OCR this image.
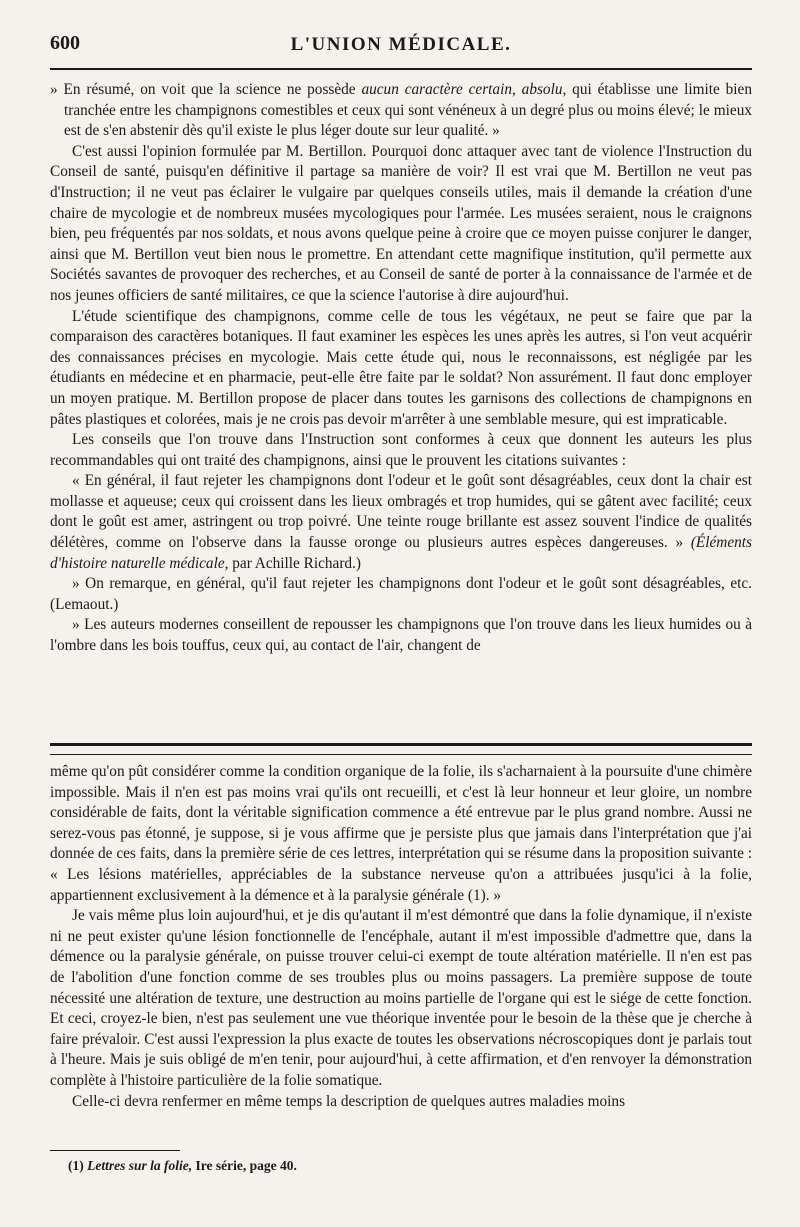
600	L'UNION MÉDICALE.

» En résumé, on voit que la science ne possède aucun caractère certain, absolu, qui établisse une limite bien tranchée entre les champignons comestibles et ceux qui sont vénéneux à un degré plus ou moins élevé; le mieux est de s'en abstenir dès qu'il existe le plus léger doute sur leur qualité. »

C'est aussi l'opinion formulée par M. Bertillon. Pourquoi donc attaquer avec tant de violence l'Instruction du Conseil de santé, puisqu'en définitive il partage sa manière de voir? Il est vrai que M. Bertillon ne veut pas d'Instruction; il ne veut pas éclairer le vulgaire par quelques conseils utiles, mais il demande la création d'une chaire de mycologie et de nombreux musées mycologiques pour l'armée. Les musées seraient, nous le craignons bien, peu fréquentés par nos soldats, et nous avons quelque peine à croire que ce moyen puisse conjurer le danger, ainsi que M. Bertillon veut bien nous le promettre. En attendant cette magnifique institution, qu'il permette aux Sociétés savantes de provoquer des recherches, et au Conseil de santé de porter à la connaissance de l'armée et de nos jeunes officiers de santé militaires, ce que la science l'autorise à dire aujourd'hui.

L'étude scientifique des champignons, comme celle de tous les végétaux, ne peut se faire que par la comparaison des caractères botaniques. Il faut examiner les espèces les unes après les autres, si l'on veut acquérir des connaissances précises en mycologie. Mais cette étude qui, nous le reconnaissons, est négligée par les étudiants en médecine et en pharmacie, peut-elle être faite par le soldat? Non assurément. Il faut donc employer un moyen pratique. M. Bertillon propose de placer dans toutes les garnisons des collections de champignons en pâtes plastiques et colorées, mais je ne crois pas devoir m'arrêter à une semblable mesure, qui est impraticable.

Les conseils que l'on trouve dans l'Instruction sont conformes à ceux que donnent les auteurs les plus recommandables qui ont traité des champignons, ainsi que le prouvent les citations suivantes :

« En général, il faut rejeter les champignons dont l'odeur et le goût sont désagréables, ceux dont la chair est mollasse et aqueuse; ceux qui croissent dans les lieux ombragés et trop humides, qui se gâtent avec facilité; ceux dont le goût est amer, astringent ou trop poivré. Une teinte rouge brillante est assez souvent l'indice de qualités délétères, comme on l'observe dans la fausse oronge ou plusieurs autres espèces dangereuses. » (Éléments d'histoire naturelle médicale, par Achille Richard.)

» On remarque, en général, qu'il faut rejeter les champignons dont l'odeur et le goût sont désagréables, etc. (Lemaout.)

» Les auteurs modernes conseillent de repousser les champignons que l'on trouve dans les lieux humides ou à l'ombre dans les bois touffus, ceux qui, au contact de l'air, changent de

même qu'on pût considérer comme la condition organique de la folie, ils s'acharnaient à la poursuite d'une chimère impossible. Mais il n'en est pas moins vrai qu'ils ont recueilli, et c'est là leur honneur et leur gloire, un nombre considérable de faits, dont la véritable signification commence a été entrevue par le plus grand nombre. Aussi ne serez-vous pas étonné, je suppose, si je vous affirme que je persiste plus que jamais dans l'interprétation que j'ai donnée de ces faits, dans la première série de ces lettres, interprétation qui se résume dans la proposition suivante : « Les lésions matérielles, appréciables de la substance nerveuse qu'on a attribuées jusqu'ici à la folie, appartiennent exclusivement à la démence et à la paralysie générale (1). »

Je vais même plus loin aujourd'hui, et je dis qu'autant il m'est démontré que dans la folie dynamique, il n'existe ni ne peut exister qu'une lésion fonctionnelle de l'encéphale, autant il m'est impossible d'admettre que, dans la démence ou la paralysie générale, on puisse trouver celui-ci exempt de toute altération matérielle. Il n'en est pas de l'abolition d'une fonction comme de ses troubles plus ou moins passagers. La première suppose de toute nécessité une altération de texture, une destruction au moins partielle de l'organe qui est le siége de cette fonction. Et ceci, croyez-le bien, n'est pas seulement une vue théorique inventée pour le besoin de la thèse que je cherche à faire prévaloir. C'est aussi l'expression la plus exacte de toutes les observations nécroscopiques dont je parlais tout à l'heure. Mais je suis obligé de m'en tenir, pour aujourd'hui, à cette affirmation, et d'en renvoyer la démonstration complète à l'histoire particulière de la folie somatique.

Celle-ci devra renfermer en même temps la description de quelques autres maladies moins

(1) Lettres sur la folie, Ire série, page 40.
